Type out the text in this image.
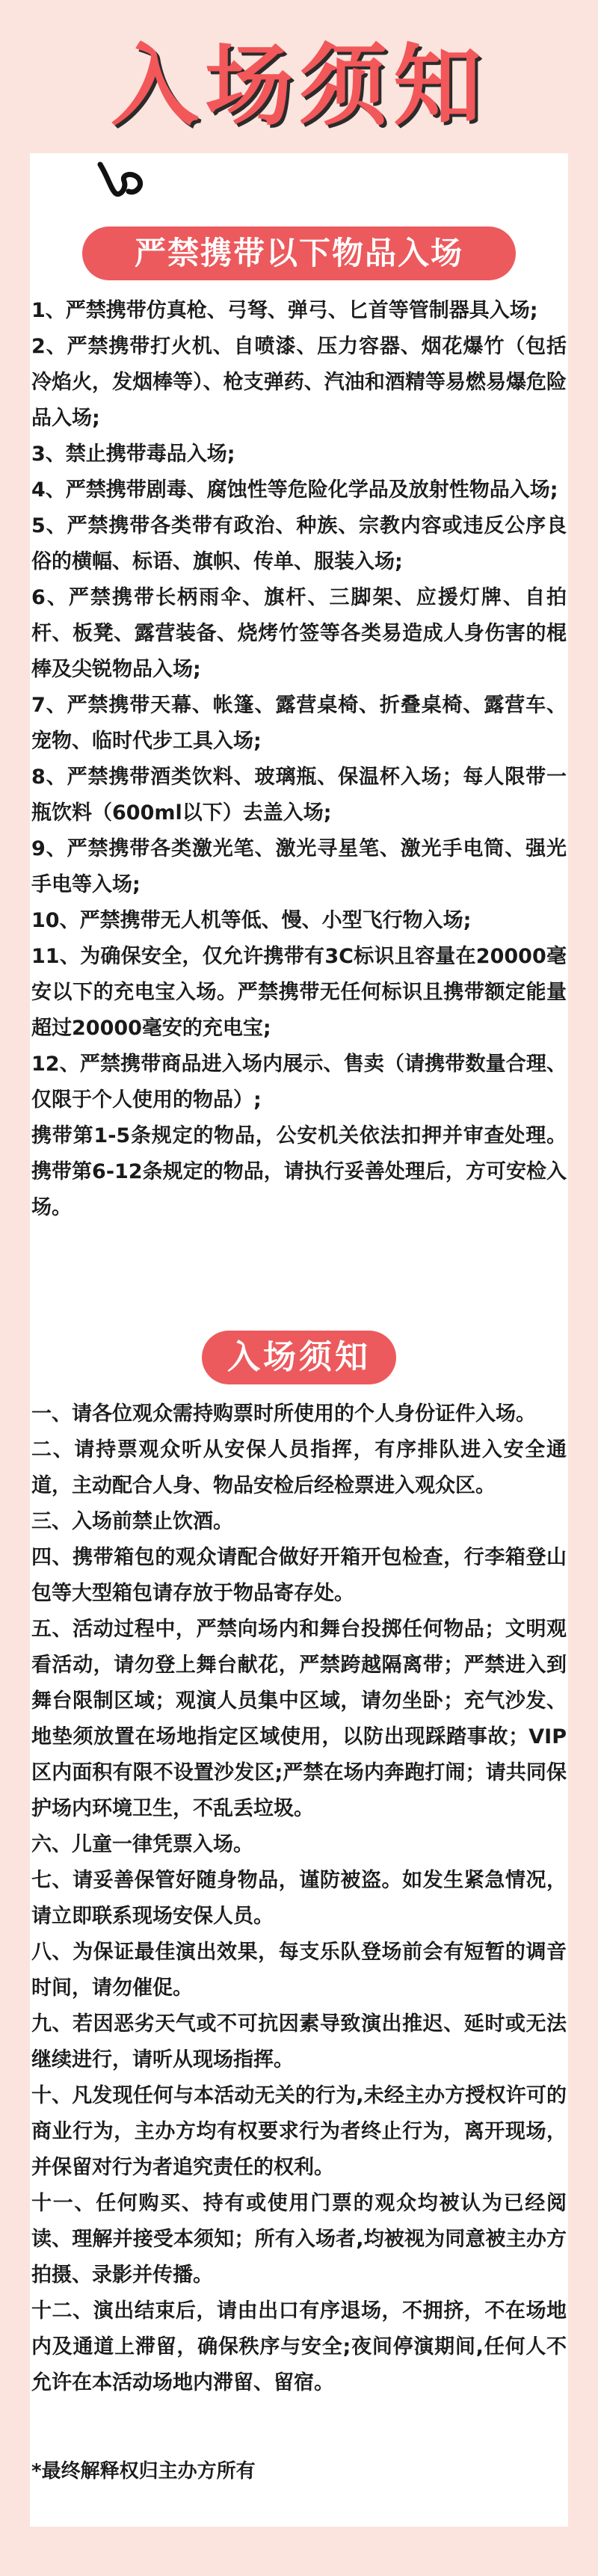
入场须知
严禁携带以下物品入场

1、严禁携带仿真枪、弓弩、弹弓、匕首等管制器具入场;

2、严禁携带打火机、自喷漆、压力容器、烟花爆竹（包括冷焰火，发烟棒等）、枪支弹药、汽油和酒精等易燃易爆危险品入场;

3、禁止携带毒品入场;

4、严禁携带剧毒、腐蚀性等危险化学品及放射性物品入场;

5、严禁携带各类带有政治、种族、宗教内容或违反公序良俗的横幅、标语、旗帜、传单、服装入场;

6、严禁携带长柄雨伞、旗杆、三脚架、应援灯牌、自拍杆、板凳、露营装备、烧烤竹签等各类易造成人身伤害的棍棒及尖锐物品入场;

7、严禁携带天幕、帐篷、露营桌椅、折叠桌椅、露营车、宠物、临时代步工具入场;

8、严禁携带酒类饮料、玻璃瓶、保温杯入场；每人限带一瓶饮料（600ml以下）去盖入场;

9、严禁携带各类激光笔、激光寻星笔、激光手电筒、强光手电等入场;

10、严禁携带无人机等低、慢、小型飞行物入场;

11、为确保安全，仅允许携带有3C标识且容量在20000毫安以下的充电宝入场。严禁携带无任何标识且携带额定能量超过20000毫安的充电宝;

12、严禁携带商品进入场内展示、售卖（请携带数量合理、仅限于个人使用的物品）;

携带第1-5条规定的物品，公安机关依法扣押并审查处理。携带第6-12条规定的物品，请执行妥善处理后，方可安检入场。

入场须知

一、请各位观众需持购票时所使用的个人身份证件入场。

二、请持票观众听从安保人员指挥，有序排队进入安全通道，主动配合人身、物品安检后经检票进入观众区。

三、入场前禁止饮酒。

四、携带箱包的观众请配合做好开箱开包检查，行李箱登山包等大型箱包请存放于物品寄存处。

五、活动过程中，严禁向场内和舞台投掷任何物品；文明观看活动，请勿登上舞台献花，严禁跨越隔离带；严禁进入到舞台限制区域；观演人员集中区域，请勿坐卧；充气沙发、地垫须放置在场地指定区域使用，以防出现踩踏事故；VIP区内面积有限不设置沙发区;严禁在场内奔跑打闹；请共同保护场内环境卫生，不乱丢垃圾。

六、儿童一律凭票入场。

七、请妥善保管好随身物品，谨防被盗。如发生紧急情况，请立即联系现场安保人员。

八、为保证最佳演出效果，每支乐队登场前会有短暂的调音时间，请勿催促。

九、若因恶劣天气或不可抗因素导致演出推迟、延时或无法继续进行，请听从现场指挥。

十、凡发现任何与本活动无关的行为,未经主办方授权许可的商业行为，主办方均有权要求行为者终止行为，离开现场，并保留对行为者追究责任的权利。

十一、任何购买、持有或使用门票的观众均被认为已经阅读、理解并接受本须知；所有入场者,均被视为同意被主办方拍摄、录影并传播。

十二、演出结束后，请由出口有序退场，不拥挤，不在场地内及通道上滞留，确保秩序与安全;夜间停演期间,任何人不允许在本活动场地内滞留、留宿。

*最终解释权归主办方所有
